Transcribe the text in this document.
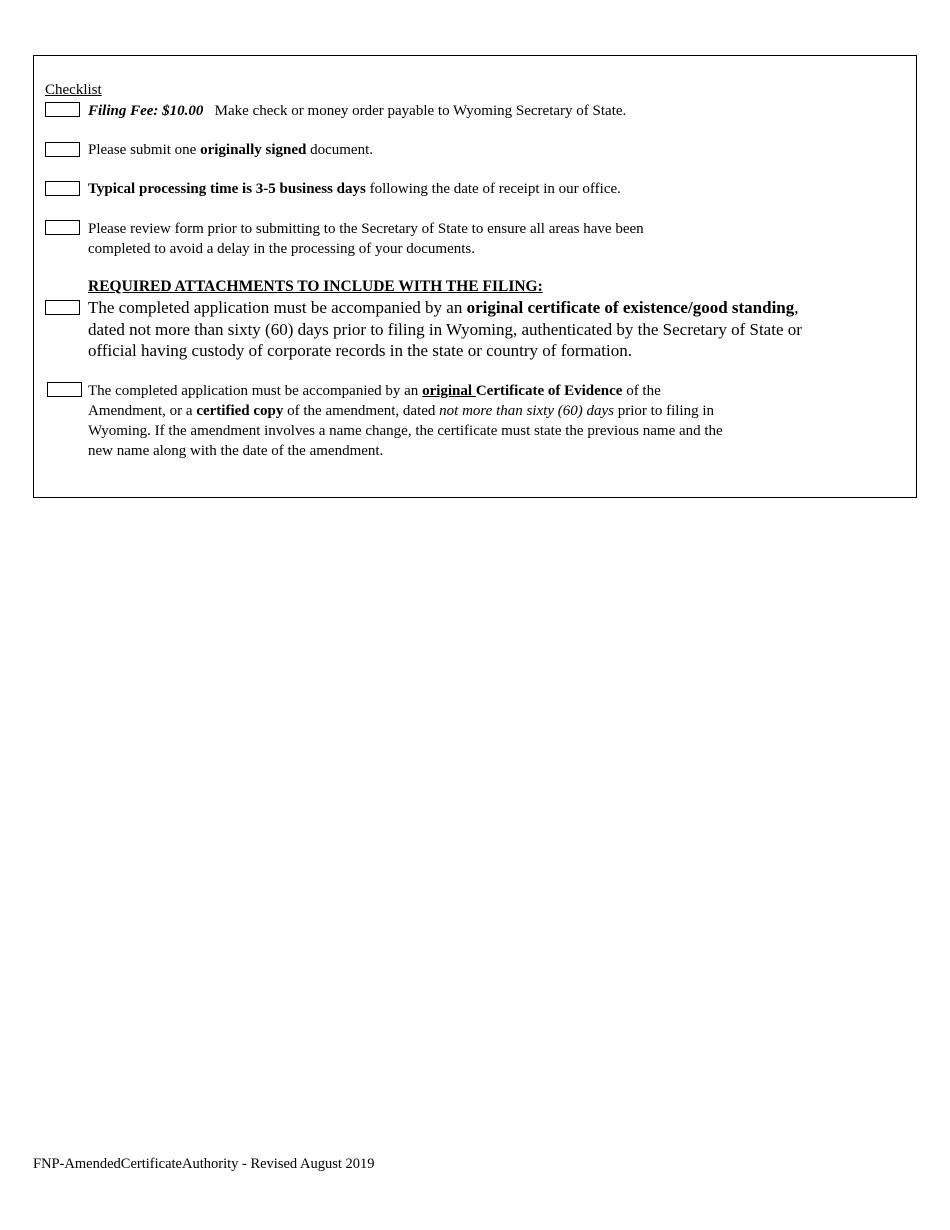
Checklist
Filing Fee: $10.00 Make check or money order payable to Wyoming Secretary of State.
Please submit one originally signed document.
Typical processing time is 3-5 business days following the date of receipt in our office.
Please review form prior to submitting to the Secretary of State to ensure all areas have been
completed to avoid a delay in the processing of your documents.
REQUIRED ATTACHMENTS TO INCLUDE WITH THE FILING:
The completed application must be accompanied by an original certificate of existence/good standing,
dated not more than sixty (60) days prior to filing in Wyoming, authenticated by the Secretary of State or
official having custody of corporate records in the state or country of formation.
The completed application must be accompanied by an original Certificate of Evidence of the
Amendment, or a certified copy of the amendment, dated not more than sixty (60) days prior to filing in
Wyoming. If the amendment involves a name change, the certificate must state the previous name and the
new name along with the date of the amendment.
FNP-AmendedCertificateAuthority - Revised August 2019
